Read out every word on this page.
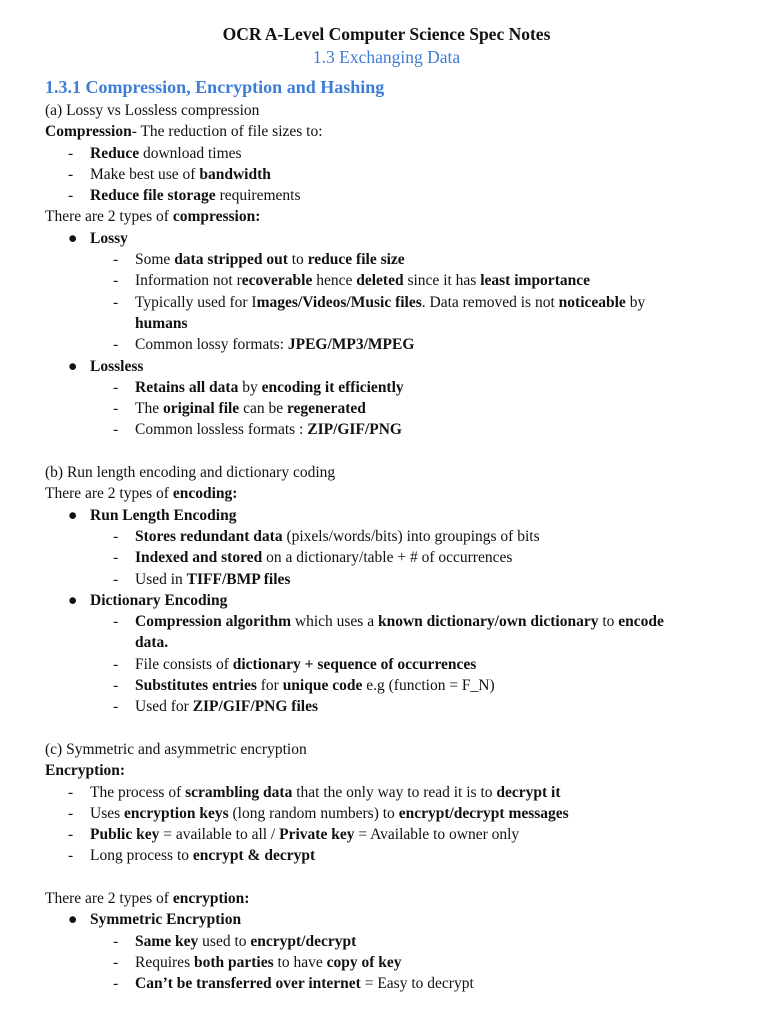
OCR A-Level Computer Science Spec Notes
1.3 Exchanging Data
1.3.1 Compression, Encryption and Hashing
(a) Lossy vs Lossless compression
Compression- The reduction of file sizes to:
- Reduce download times
- Make best use of bandwidth
- Reduce file storage requirements
There are 2 types of compression:
● Lossy
- Some data stripped out to reduce file size
- Information not recoverable hence deleted since it has least importance
- Typically used for Images/Videos/Music files. Data removed is not noticeable by
humans
- Common lossy formats: JPEG/MP3/MPEG
● Lossless
- Retains all data by encoding it efficiently
- The original file can be regenerated
- Common lossless formats : ZIP/GIF/PNG
(b) Run length encoding and dictionary coding
There are 2 types of encoding:
● Run Length Encoding
- Stores redundant data (pixels/words/bits) into groupings of bits
- Indexed and stored on a dictionary/table + # of occurrences
- Used in TIFF/BMP files
● Dictionary Encoding
- Compression algorithm which uses a known dictionary/own dictionary to encode
data.
- File consists of dictionary + sequence of occurrences
- Substitutes entries for unique code e.g (function = F_N)
- Used for ZIP/GIF/PNG files
(c) Symmetric and asymmetric encryption
Encryption:
- The process of scrambling data that the only way to read it is to decrypt it
- Uses encryption keys (long random numbers) to encrypt/decrypt messages
- Public key = available to all / Private key = Available to owner only
- Long process to encrypt & decrypt
There are 2 types of encryption:
● Symmetric Encryption
- Same key used to encrypt/decrypt
- Requires both parties to have copy of key
- Can’t be transferred over internet = Easy to decrypt
